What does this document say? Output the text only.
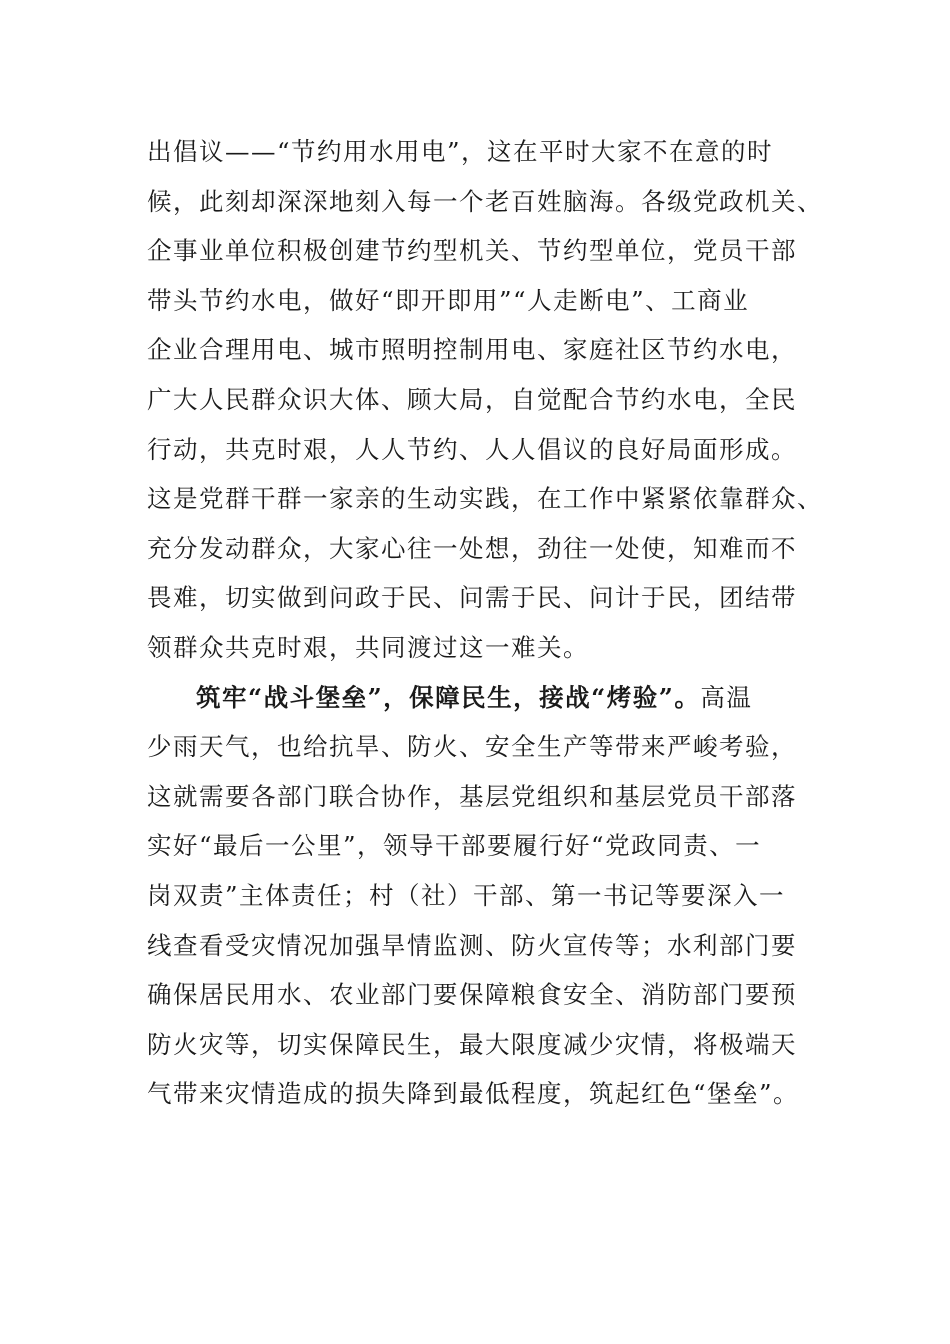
出倡议——“节约用水用电”，这在平时大家不在意的时
候，此刻却深深地刻入每一个老百姓脑海。各级党政机关、
企事业单位积极创建节约型机关、节约型单位，党员干部
带头节约水电，做好“即开即用”“人走断电”、工商业
企业合理用电、城市照明控制用电、家庭社区节约水电，
广大人民群众识大体、顾大局，自觉配合节约水电，全民
行动，共克时艰，人人节约、人人倡议的良好局面形成。
这是党群干群一家亲的生动实践，在工作中紧紧依靠群众、
充分发动群众，大家心往一处想，劲往一处使，知难而不
畏难，切实做到问政于民、问需于民、问计于民，团结带
领群众共克时艰，共同渡过这一难关。
筑牢“战斗堡垒”，保障民生，接战“烤验”。高温
少雨天气，也给抗旱、防火、安全生产等带来严峻考验，
这就需要各部门联合协作，基层党组织和基层党员干部落
实好“最后一公里”，领导干部要履行好“党政同责、一
岗双责”主体责任；村（社）干部、第一书记等要深入一
线查看受灾情况加强旱情监测、防火宣传等；水利部门要
确保居民用水、农业部门要保障粮食安全、消防部门要预
防火灾等，切实保障民生，最大限度减少灾情，将极端天
气带来灾情造成的损失降到最低程度，筑起红色“堡垒”。
